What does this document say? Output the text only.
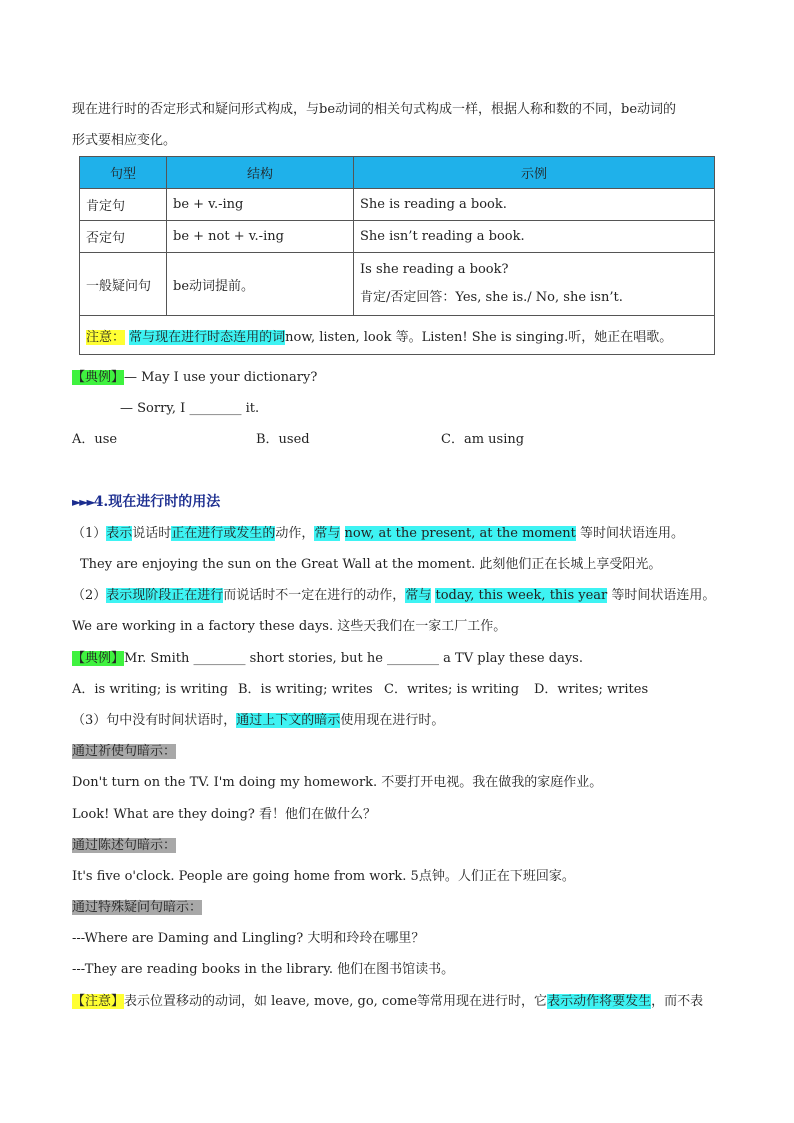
现在进行时的否定形式和疑问形式构成，与be动词的相关句式构成一样，根据人称和数的不同，be动词的
形式要相应变化。
句型	结构	示例
肯定句	be + v.-ing	She is reading a book.
否定句	be + not + v.-ing	She isn’t reading a book.
一般疑问句	be动词提前。	Is she reading a book?
肯定/否定回答：Yes, she is./ No, she isn’t.

注意： 常与现在进行时态连用的词now, listen, look 等。Listen! She is singing.听，她正在唱歌。		
【典例】— May I use your dictionary?
— Sorry, I ________ it.
A．use	B．used	C．am using
►►►4.现在进行时的用法
（1）表示说话时正在进行或发生的动作，常与 now, at the present, at the moment 等时间状语连用。
They are enjoying the sun on the Great Wall at the moment. 此刻他们正在长城上享受阳光。
（2）表示现阶段正在进行而说话时不一定在进行的动作，常与 today, this week, this year 等时间状语连用。
We are working in a factory these days. 这些天我们在一家工厂工作。
【典例】Mr. Smith ________ short stories, but he ________ a TV play these days.
A．is writing; is writing B．is writing; writes C．writes; is writing D．writes; writes
（3）句中没有时间状语时，通过上下文的暗示使用现在进行时。
通过祈使句暗示：
Don't turn on the TV. I'm doing my homework. 不要打开电视。我在做我的家庭作业。
Look! What are they doing? 看！他们在做什么？
通过陈述句暗示：
It's five o'clock. People are going home from work. 5点钟。人们正在下班回家。
通过特殊疑问句暗示：
---Where are Daming and Lingling? 大明和玲玲在哪里？
---They are reading books in the library. 他们在图书馆读书。
【注意】表示位置移动的动词，如 leave, move, go, come等常用现在进行时，它表示动作将要发生，而不表
